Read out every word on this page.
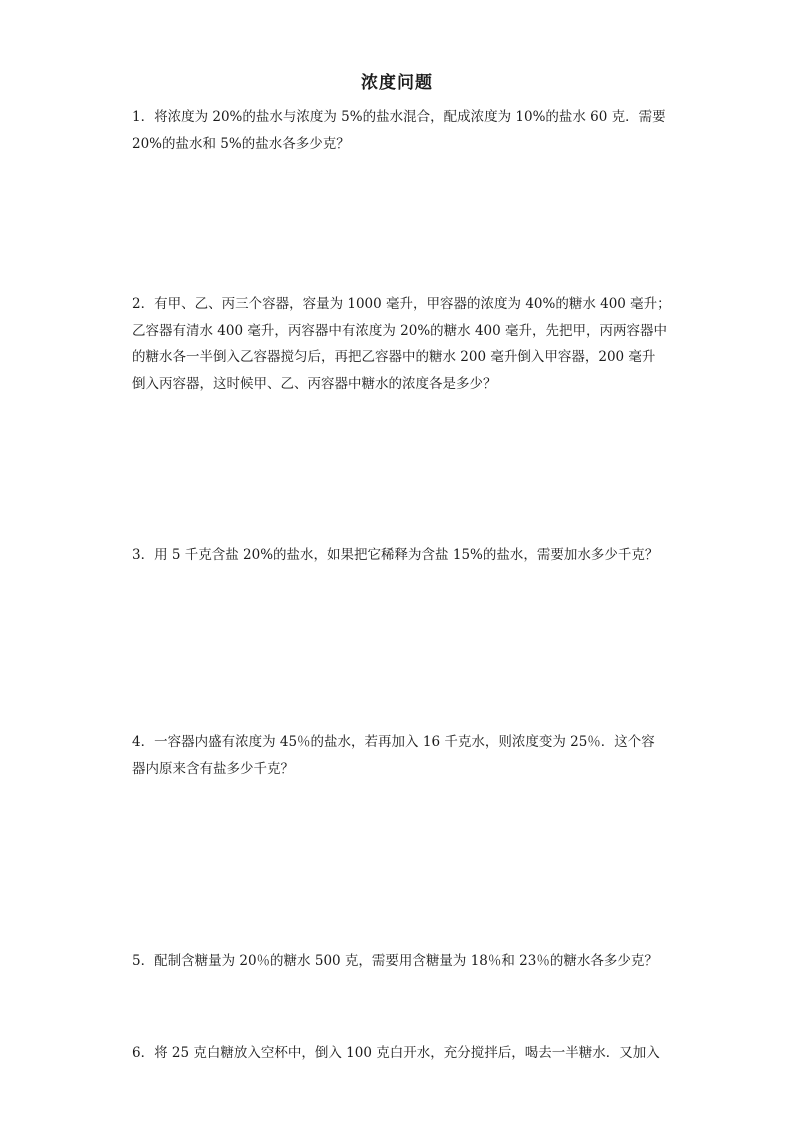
浓度问题
1．将浓度为 20%的盐水与浓度为 5%的盐水混合，配成浓度为 10%的盐水 60 克．需要
20%的盐水和 5%的盐水各多少克？
2．有甲、乙、丙三个容器，容量为 1000 毫升，甲容器的浓度为 40%的糖水 400 毫升；
乙容器有清水 400 毫升，丙容器中有浓度为 20%的糖水 400 毫升，先把甲，丙两容器中
的糖水各一半倒入乙容器搅匀后，再把乙容器中的糖水 200 毫升倒入甲容器，200 毫升
倒入丙容器，这时候甲、乙、丙容器中糖水的浓度各是多少？
3．用 5 千克含盐 20%的盐水，如果把它稀释为含盐 15%的盐水，需要加水多少千克？
4．一容器内盛有浓度为 45％的盐水，若再加入 16 千克水，则浓度变为 25％．这个容
器内原来含有盐多少千克？
5．配制含糖量为 20％的糖水 500 克，需要用含糖量为 18％和 23％的糖水各多少克？
6．将 25 克白糖放入空杯中，倒入 100 克白开水，充分搅拌后，喝去一半糖水．又加入
